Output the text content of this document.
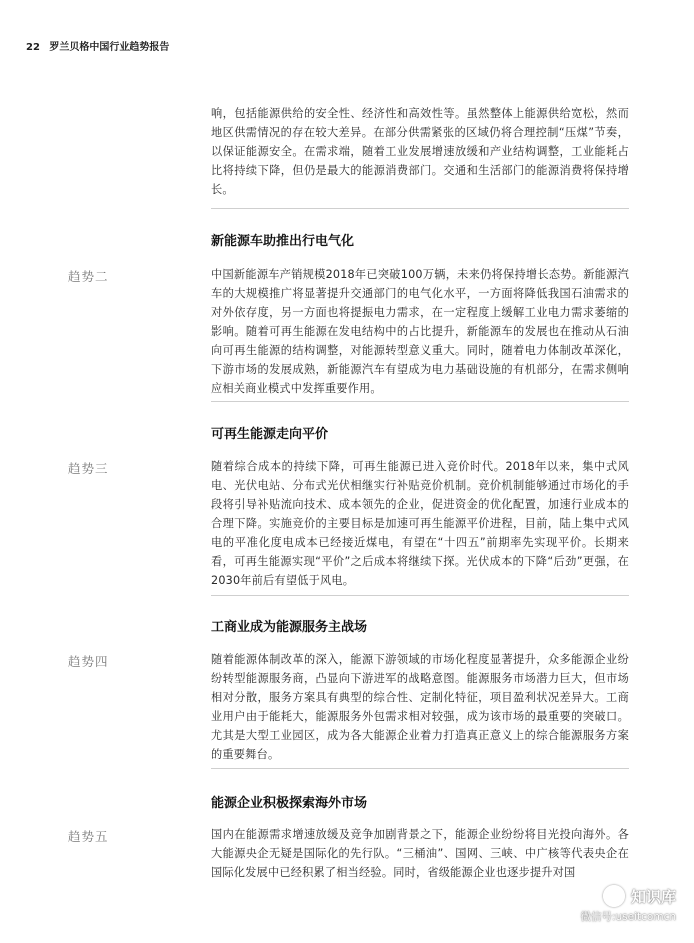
22 罗兰贝格中国行业趋势报告
响，包括能源供给的安全性、经济性和高效性等。虽然整体上能源供给宽松，然而地区供需情况的存在较大差异。在部分供需紧张的区域仍将合理控制“压煤”节奏，以保证能源安全。在需求端，随着工业发展增速放缓和产业结构调整，工业能耗占比将持续下降，但仍是最大的能源消费部门。交通和生活部门的能源消费将保持增长。
新能源车助推出行电气化
趋势二	中国新能源车产销规模2018年已突破100万辆，未来仍将保持增长态势。新能源汽车的大规模推广将显著提升交通部门的电气化水平，一方面将降低我国石油需求的对外依存度，另一方面也将提振电力需求，在一定程度上缓解工业电力需求萎缩的影响。随着可再生能源在发电结构中的占比提升，新能源车的发展也在推动从石油向可再生能源的结构调整，对能源转型意义重大。同时，随着电力体制改革深化，下游市场的发展成熟，新能源汽车有望成为电力基础设施的有机部分，在需求侧响应相关商业模式中发挥重要作用。
可再生能源走向平价
趋势三	随着综合成本的持续下降，可再生能源已进入竞价时代。2018年以来，集中式风电、光伏电站、分布式光伏相继实行补贴竞价机制。竞价机制能够通过市场化的手段将引导补贴流向技术、成本领先的企业，促进资金的优化配置，加速行业成本的合理下降。实施竞价的主要目标是加速可再生能源平价进程，目前，陆上集中式风电的平准化度电成本已经接近煤电，有望在“十四五”前期率先实现平价。长期来看，可再生能源实现“平价”之后成本将继续下探。光伏成本的下降“后劲”更强，在2030年前后有望低于风电。
工商业成为能源服务主战场
趋势四	随着能源体制改革的深入，能源下游领域的市场化程度显著提升，众多能源企业纷纷转型能源服务商，凸显向下游进军的战略意图。能源服务市场潜力巨大，但市场相对分散，服务方案具有典型的综合性、定制化特征，项目盈利状况差异大。工商业用户由于能耗大，能源服务外包需求相对较强，成为该市场的最重要的突破口。尤其是大型工业园区，成为各大能源企业着力打造真正意义上的综合能源服务方案的重要舞台。
能源企业积极探索海外市场
趋势五	国内在能源需求增速放缓及竞争加剧背景之下，能源企业纷纷将目光投向海外。各大能源央企无疑是国际化的先行队。“三桶油”、国网、三峡、中广核等代表央企在国际化发展中已经积累了相当经验。同时，省级能源企业也逐步提升对国
知识库
微信号:useitcomcn
